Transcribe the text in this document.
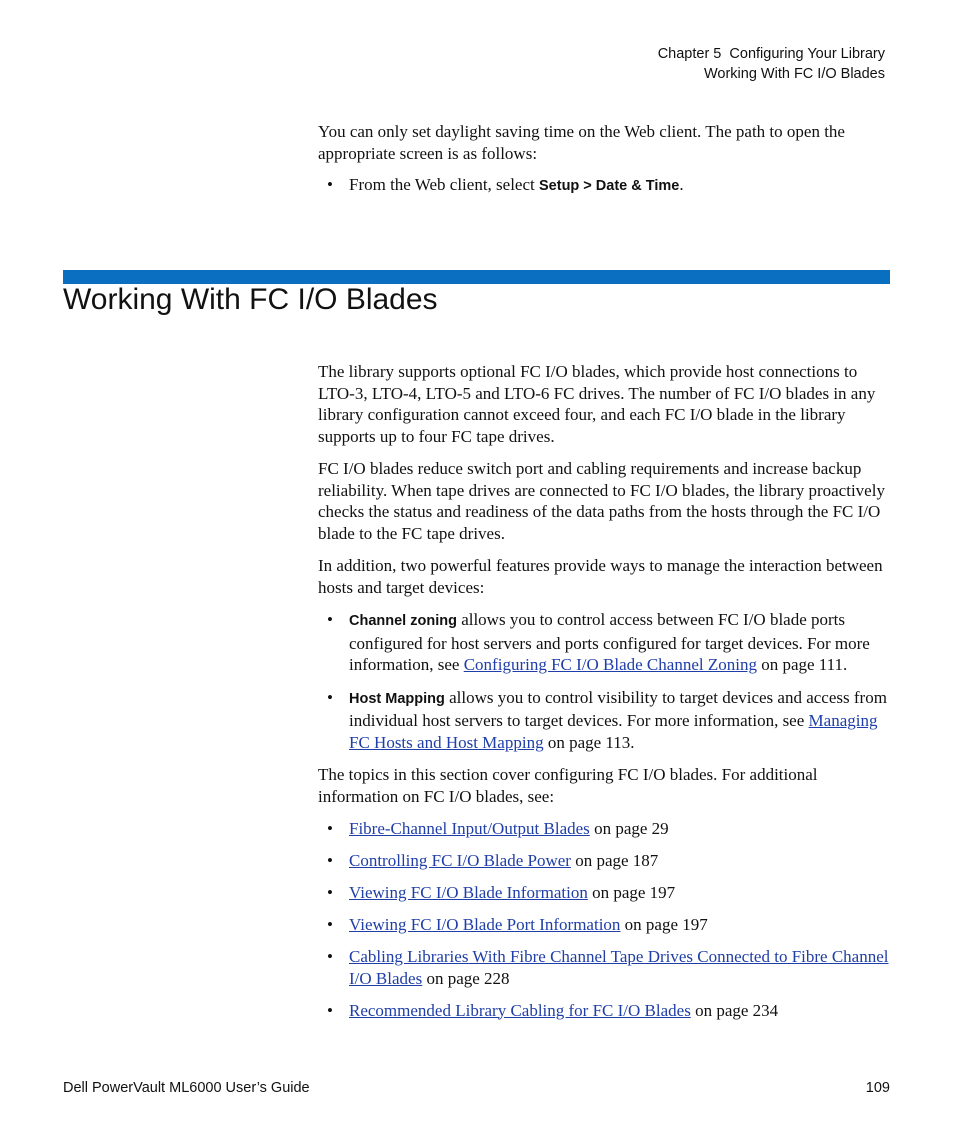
Chapter 5  Configuring Your Library
Working With FC I/O Blades

You can only set daylight saving time on the Web client. The path to open the appropriate screen is as follows:

• From the Web client, select Setup > Date & Time.
Working With FC I/O Blades

The library supports optional FC I/O blades, which provide host connections to LTO-3, LTO-4, LTO-5 and LTO-6 FC drives. The number of FC I/O blades in any library configuration cannot exceed four, and each FC I/O blade in the library supports up to four FC tape drives.

FC I/O blades reduce switch port and cabling requirements and increase backup reliability. When tape drives are connected to FC I/O blades, the library proactively checks the status and readiness of the data paths from the hosts through the FC I/O blade to the FC tape drives.

In addition, two powerful features provide ways to manage the interaction between hosts and target devices:

• Channel zoning allows you to control access between FC I/O blade ports configured for host servers and ports configured for target devices. For more information, see Configuring FC I/O Blade Channel Zoning on page 111.
• Host Mapping allows you to control visibility to target devices and access from individual host servers to target devices. For more information, see Managing FC Hosts and Host Mapping on page 113.

The topics in this section cover configuring FC I/O blades. For additional information on FC I/O blades, see:

• Fibre-Channel Input/Output Blades on page 29
• Controlling FC I/O Blade Power on page 187
• Viewing FC I/O Blade Information on page 197
• Viewing FC I/O Blade Port Information on page 197
• Cabling Libraries With Fibre Channel Tape Drives Connected to Fibre Channel I/O Blades on page 228
• Recommended Library Cabling for FC I/O Blades on page 234
Dell PowerVault ML6000 User’s Guide	109
